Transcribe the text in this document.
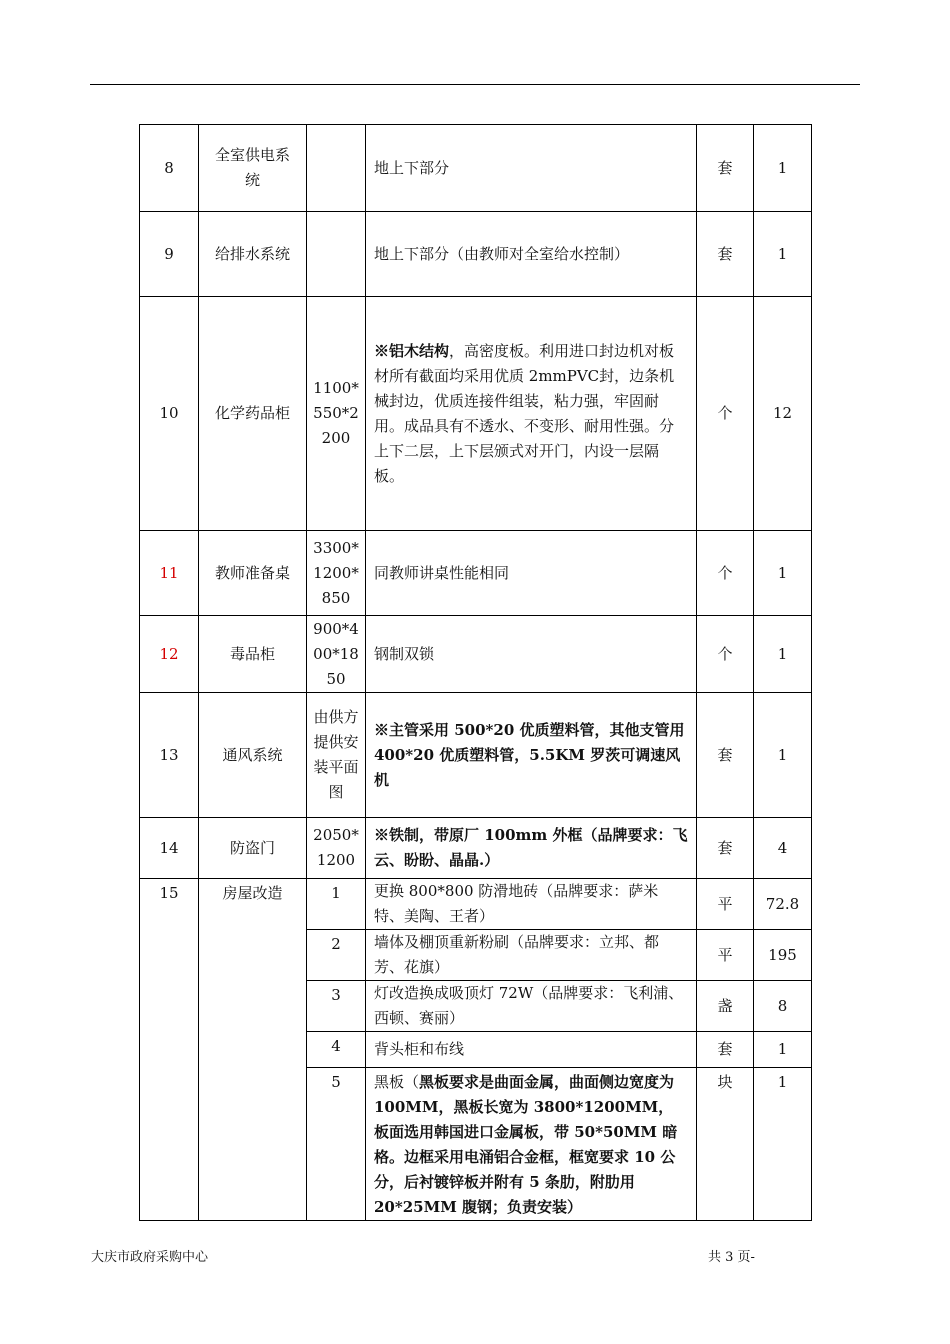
8	全室供电系统		地上下部分	套	1
9	给排水系统		地上下部分（由教师对全室给水控制）	套	1
10	化学药品柜	1100*550*2200	※铝木结构，高密度板。利用进口封边机对板材所有截面均采用优质 2mmPVC封，边条机械封边，优质连接件组装，粘力强，牢固耐用。成品具有不透水、不变形、耐用性强。分上下二层，上下层颁式对开门，内设一层隔板。	个	12
11	教师准备桌	3300*1200*850	同教师讲桌性能相同	个	1
12	毒品柜	900*400*1850	钢制双锁	个	1
13	通风系统	由供方提供安装平面图	※主管采用 500*20 优质塑料管，其他支管用 400*20 优质塑料管，5.5KM 罗茨可调速风机	套	1
14	防盗门	2050*1200	※铁制，带原厂 100mm 外框（品牌要求：飞云、盼盼、晶晶.）	套	4
15	房屋改造	1	更换 800*800 防滑地砖（品牌要求：萨米特、美陶、王者）	平	72.8
		2	墙体及棚顶重新粉刷（品牌要求：立邦、都芳、花旗）	平	195
		3	灯改造换成吸顶灯 72W（品牌要求：飞利浦、西顿、赛丽）	盏	8
		4	背头柜和布线	套	1
		5	黑板（黑板要求是曲面金属，曲面侧边宽度为 100MM，黑板长宽为 3800*1200MM，板面选用韩国进口金属板，带 50*50MM 暗格。边框采用电涌铝合金框，框宽要求 10 公分，后衬镀锌板并附有 5 条肋，附肋用 20*25MM 腹钢；负责安装）	块	1
大庆市政府采购中心	共 3 页-
